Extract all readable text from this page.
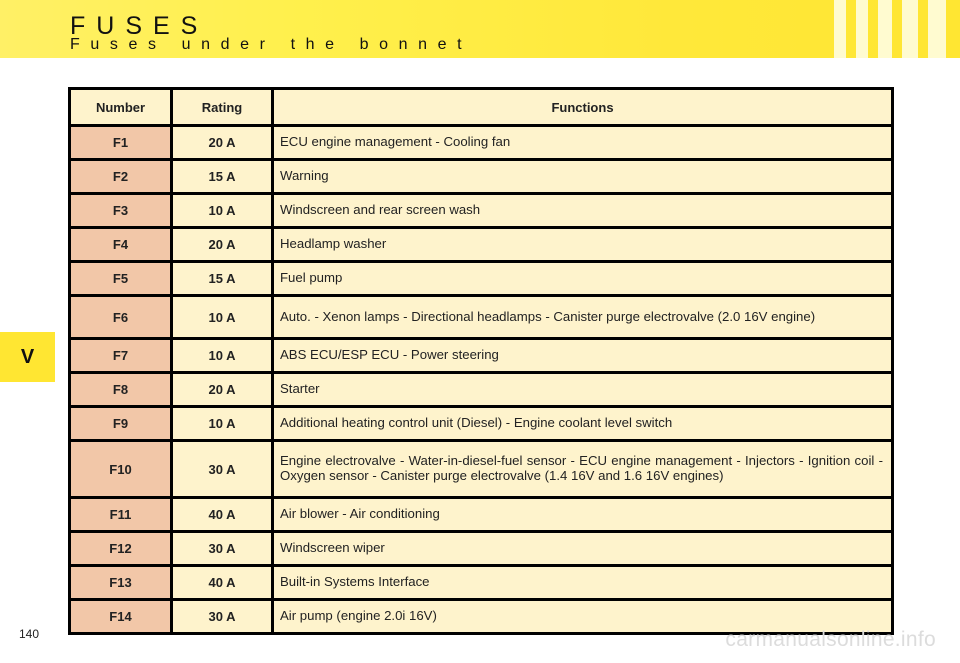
FUSES
Fuses under the bonnet
V
Number	Rating	Functions
F1	20 A	ECU engine management - Cooling fan

F2	15 A	Warning

F3	10 A	Windscreen and rear screen wash

F4	20 A	Headlamp washer

F5	15 A	Fuel pump

F6	10 A	Auto. - Xenon lamps - Directional headlamps - Canister purge electrovalve (2.0 16V engine)

F7	10 A	ABS ECU/ESP ECU - Power steering

F8	20 A	Starter

F9	10 A	Additional heating control unit (Diesel) - Engine coolant level switch

F10	30 A	Engine electrovalve - Water-in-diesel-fuel sensor - ECU engine management - Injectors - Ignition coil - Oxygen sensor - Canister purge electrovalve (1.4 16V and 1.6 16V engines)

F11	40 A	Air blower - Air conditioning

F12	30 A	Windscreen wiper

F13	40 A	Built-in Systems Interface

F14	30 A	Air pump (engine 2.0i 16V)
140	carmanualsonline.info
